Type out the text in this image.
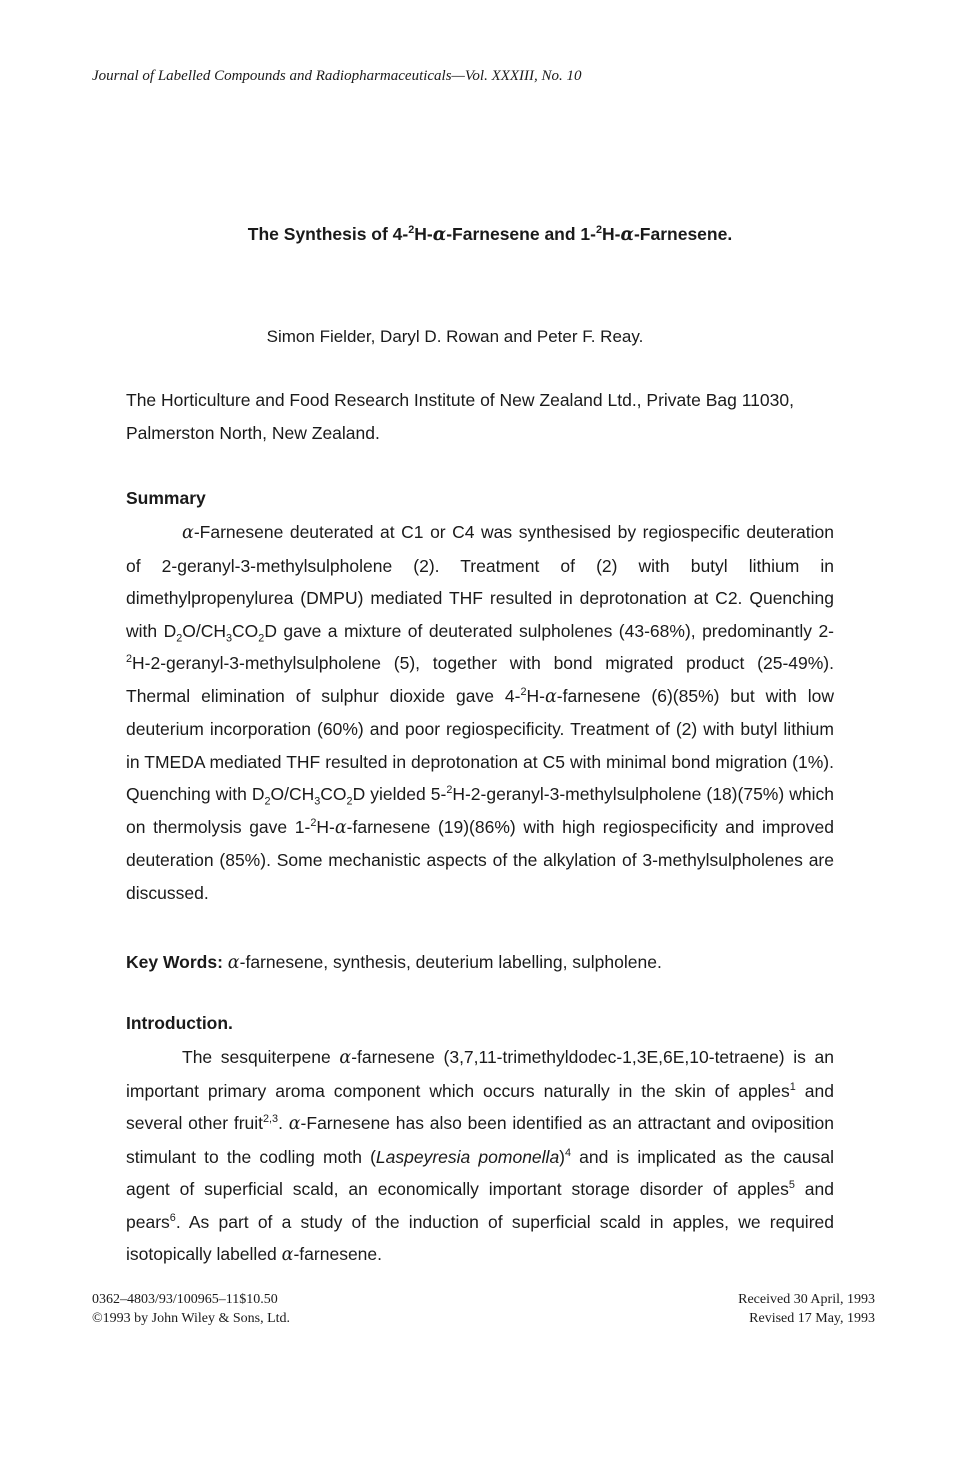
Journal of Labelled Compounds and Radiopharmaceuticals—Vol. XXXIII, No. 10
The Synthesis of 4-$^2$H-α-Farnesene and 1-$^2$H-α-Farnesene.
Simon Fielder, Daryl D. Rowan and Peter F. Reay.
The Horticulture and Food Research Institute of New Zealand Ltd., Private Bag 11030, Palmerston North, New Zealand.
Summary
α-Farnesene deuterated at C1 or C4 was synthesised by regiospecific deuteration of 2-geranyl-3-methylsulpholene (2). Treatment of (2) with butyl lithium in dimethylpropenylurea (DMPU) mediated THF resulted in deprotonation at C2. Quenching with $D_2O/CH_3CO_2D$ gave a mixture of deuterated sulpholenes (43-68%), predominantly 2-$^2$H-2-geranyl-3-methylsulpholene (5), together with bond migrated product (25-49%). Thermal elimination of sulphur dioxide gave 4-$^2$H-α-farnesene (6)(85%) but with low deuterium incorporation (60%) and poor regiospecificity. Treatment of (2) with butyl lithium in TMEDA mediated THF resulted in deprotonation at C5 with minimal bond migration (1%). Quenching with $D_2O/CH_3CO_2D$ yielded 5-$^2$H-2-geranyl-3-methylsulpholene (18)(75%) which on thermolysis gave 1-$^2$H-α-farnesene (19)(86%) with high regiospecificity and improved deuteration (85%). Some mechanistic aspects of the alkylation of 3-methylsulpholenes are discussed.
Key Words: α-farnesene, synthesis, deuterium labelling, sulpholene.
Introduction.
The sesquiterpene α-farnesene (3,7,11-trimethyldodec-1,3E,6E,10-tetraene) is an important primary aroma component which occurs naturally in the skin of apples$^1$ and several other fruit$^{2,3}$. α-Farnesene has also been identified as an attractant and oviposition stimulant to the codling moth (Laspeyresia pomonella)$^4$ and is implicated as the causal agent of superficial scald, an economically important storage disorder of apples$^5$ and pears$^6$. As part of a study of the induction of superficial scald in apples, we required isotopically labelled α-farnesene.
0362–4803/93/100965–11$10.50
©1993 by John Wiley & Sons, Ltd.
Received 30 April, 1993
Revised 17 May, 1993
